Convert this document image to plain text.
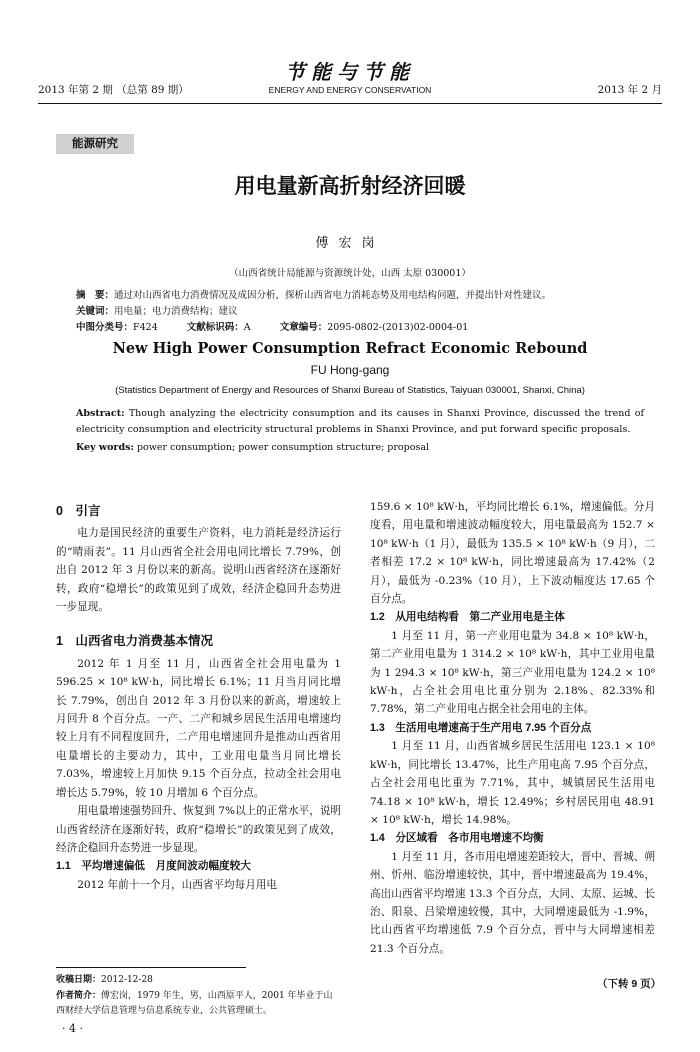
2013 年第 2 期 （总第 89 期）
节能与节能
ENERGY AND ENERGY CONSERVATION	2013 年 2 月
能源研究
用电量新高折射经济回暖
傅宏岗
（山西省统计局能源与资源统计处，山西 太原 030001）
摘　要：通过对山西省电力消费情况及成因分析，探析山西省电力消耗态势及用电结构问题，并提出针对性建议。
关键词：用电量；电力消费结构；建议
中图分类号：F424	文献标识码：A	文章编号：2095-0802-(2013)02-0004-01
New High Power Consumption Refract Economic Rebound
FU Hong-gang
(Statistics Department of Energy and Resources of Shanxi Bureau of Statistics, Taiyuan 030001, Shanxi, China)
Abstract: Though analyzing the electricity consumption and its causes in Shanxi Province, discussed the trend of electricity consumption and electricity structural problems in Shanxi Province, and put forward specific proposals.
Key words: power consumption; power consumption structure; proposal
0　引言

电力是国民经济的重要生产资料，电力消耗是经济运行的“晴雨表”。11 月山西省全社会用电同比增长 7.79%，创出自 2012 年 3 月份以来的新高。说明山西省经济在逐渐好转，政府“稳增长”的政策见到了成效，经济企稳回升态势进一步显现。

1　山西省电力消费基本情况

2012 年 1 月至 11 月，山西省全社会用电量为 1 596.25 × 10⁸ kW·h，同比增长 6.1%；11 月当月同比增长 7.79%，创出自 2012 年 3 月份以来的新高，增速较上月回升 8 个百分点。一产、二产和城乡居民生活用电增速均较上月有不同程度回升，二产用电增速回升是推动山西省用电量增长的主要动力，其中，工业用电量当月同比增长 7.03%，增速较上月加快 9.15 个百分点，拉动全社会用电增长达 5.79%，较 10 月增加 6 个百分点。

用电量增速强势回升、恢复到 7%以上的正常水平，说明山西省经济在逐渐好转，政府“稳增长”的政策见到了成效，经济企稳回升态势进一步显现。

1.1　平均增速偏低　月度间波动幅度较大

2012 年前十一个月，山西省平均每月用电

159.6 × 10⁸ kW·h，平均同比增长 6.1%，增速偏低。分月度看，用电量和增速波动幅度较大，用电量最高为 152.7 × 10⁸ kW·h（1 月），最低为 135.5 × 10⁸ kW·h（9 月），二者相差 17.2 × 10⁸ kW·h，同比增速最高为 17.42%（2 月），最低为 -0.23%（10 月），上下波动幅度达 17.65 个百分点。

1.2　从用电结构看　第二产业用电是主体

1 月至 11 月，第一产业用电量为 34.8 × 10⁸ kW·h，第二产业用电量为 1 314.2 × 10⁸ kW·h，其中工业用电量为 1 294.3 × 10⁸ kW·h，第三产业用电量为 124.2 × 10⁸ kW·h，占全社会用电比重分别为 2.18%、82.33%和 7.78%，第二产业用电占据全社会用电的主体。

1.3　生活用电增速高于生产用电 7.95 个百分点

1 月至 11 月，山西省城乡居民生活用电 123.1 × 10⁸ kW·h，同比增长 13.47%，比生产用电高 7.95 个百分点，占全社会用电比重为 7.71%，其中，城镇居民生活用电 74.18 × 10⁸ kW·h，增长 12.49%；乡村居民用电 48.91 × 10⁸ kW·h，增长 14.98%。

1.4　分区域看　各市用电增速不均衡

1 月至 11 月，各市用电增速差距较大，晋中、晋城、朔州、忻州、临汾增速较快，其中，晋中增速最高为 19.4%，高出山西省平均增速 13.3 个百分点，大同、太原、运城、长治、阳泉、吕梁增速较慢，其中，大同增速最低为 -1.9%，比山西省平均增速低 7.9 个百分点，晋中与大同增速相差 21.3 个百分点。

（下转 9 页）
收稿日期：2012-12-28
作者简介：傅宏岗，1979 年生，男，山西原平人，2001 年毕业于山西财经大学信息管理与信息系统专业，公共管理硕士。
· 4 ·
